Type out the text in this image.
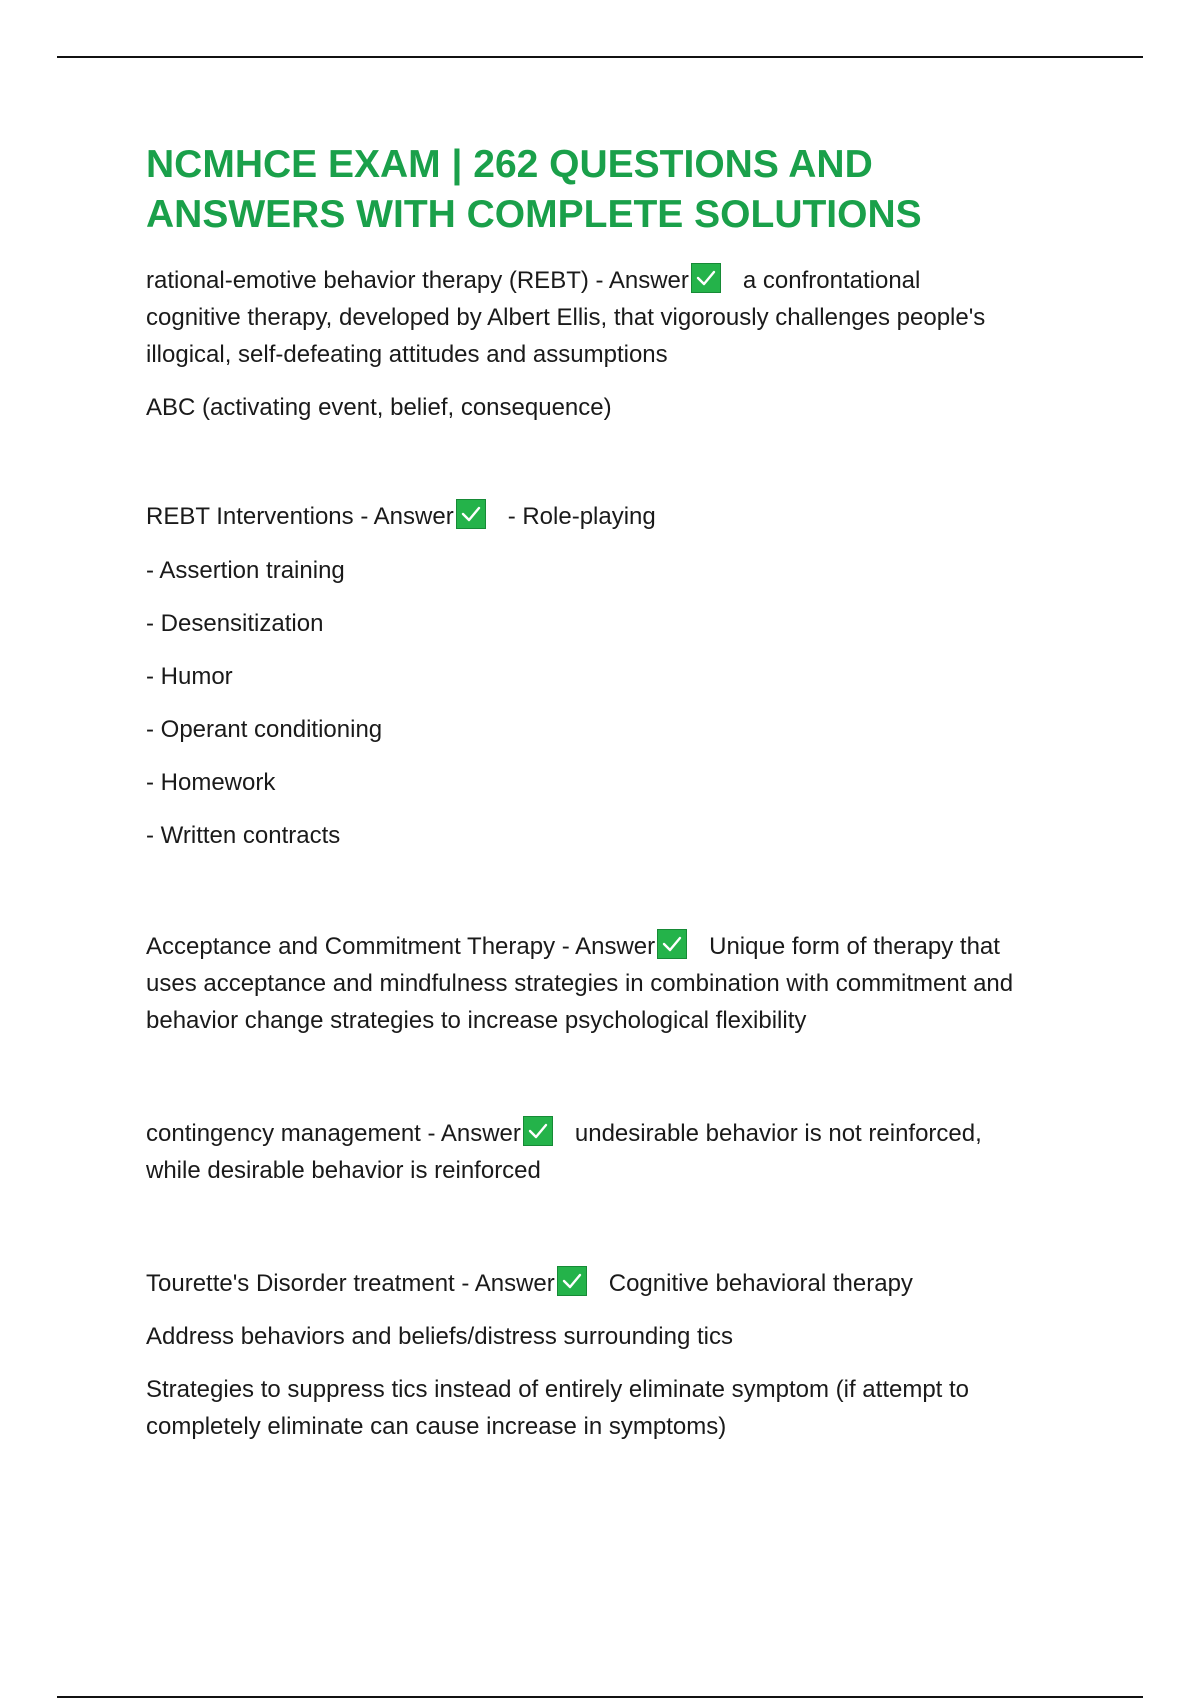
NCMHCE EXAM | 262 QUESTIONS AND
ANSWERS WITH COMPLETE SOLUTIONS

rational-emotive behavior therapy (REBT) - Answer a confrontational
cognitive therapy, developed by Albert Ellis, that vigorously challenges people's
illogical, self-defeating attitudes and assumptions

ABC (activating event, belief, consequence)

REBT Interventions - Answer - Role-playing

- Assertion training

- Desensitization

- Humor

- Operant conditioning

- Homework

- Written contracts

Acceptance and Commitment Therapy - Answer Unique form of therapy that
uses acceptance and mindfulness strategies in combination with commitment and
behavior change strategies to increase psychological flexibility

contingency management - Answer undesirable behavior is not reinforced,
while desirable behavior is reinforced

Tourette's Disorder treatment - Answer Cognitive behavioral therapy

Address behaviors and beliefs/distress surrounding tics

Strategies to suppress tics instead of entirely eliminate symptom (if attempt to
completely eliminate can cause increase in symptoms)
